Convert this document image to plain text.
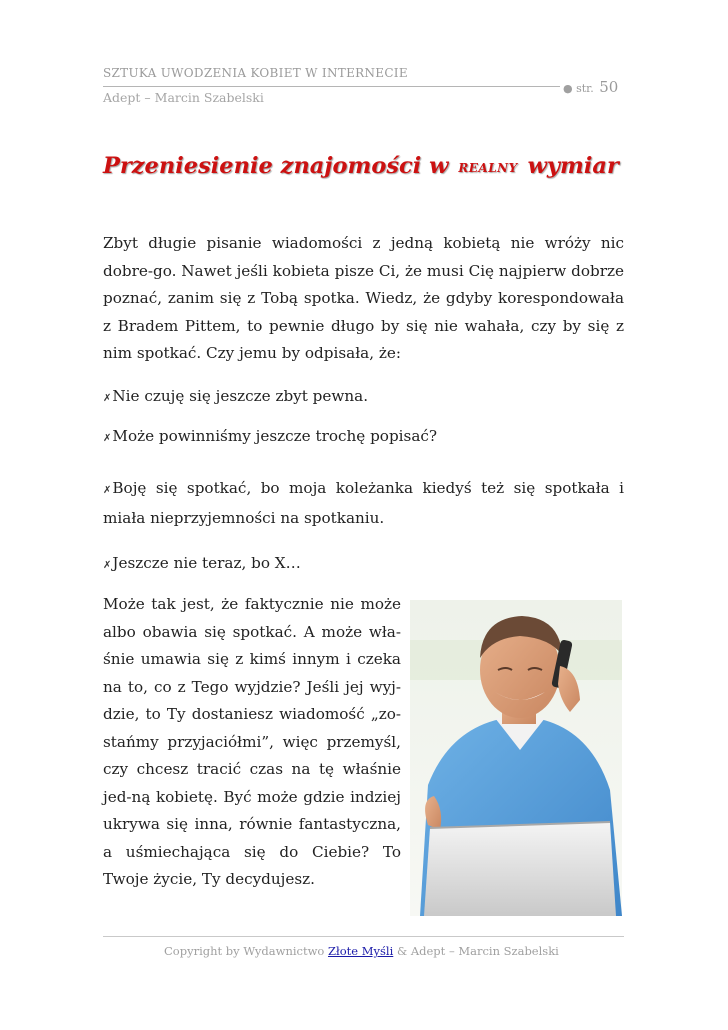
SZTUKA UWODZENIA KOBIET W INTERNECIE
Adept – Marcin Szabelski
● str. 50
Przeniesienie znajomości w REALNY wymiar
Zbyt długie pisanie wiadomości z jedną kobietą nie wróży nic dobre-go. Nawet jeśli kobieta pisze Ci, że musi Cię najpierw dobrze poznać, zanim się z Tobą spotka. Wiedz, że gdyby korespondowała z Bradem Pittem, to pewnie długo by się nie wahała, czy by się z nim spotkać. Czy jemu by odpisała, że:
✗Nie czuję się jeszcze zbyt pewna.
✗Może powinniśmy jeszcze trochę popisać?
✗Boję się spotkać, bo moja koleżanka kiedyś też się spotkała i miała nieprzyjemności na spotkaniu.
✗Jeszcze nie teraz, bo X…
Może tak jest, że faktycznie nie może albo obawia się spotkać. A może wła-śnie umawia się z kimś innym i czeka na to, co z Tego wyjdzie? Jeśli jej wyj-dzie, to Ty dostaniesz wiadomość „zo-stańmy przyjaciółmi”, więc przemyśl, czy chcesz tracić czas na tę właśnie jed-ną kobietę. Być może gdzie indziej ukrywa się inna, równie fantastyczna, a uśmiechająca się do Ciebie? To Twoje życie, Ty decydujesz.
Copyright by Wydawnictwo Złote Myśli & Adept – Marcin Szabelski
